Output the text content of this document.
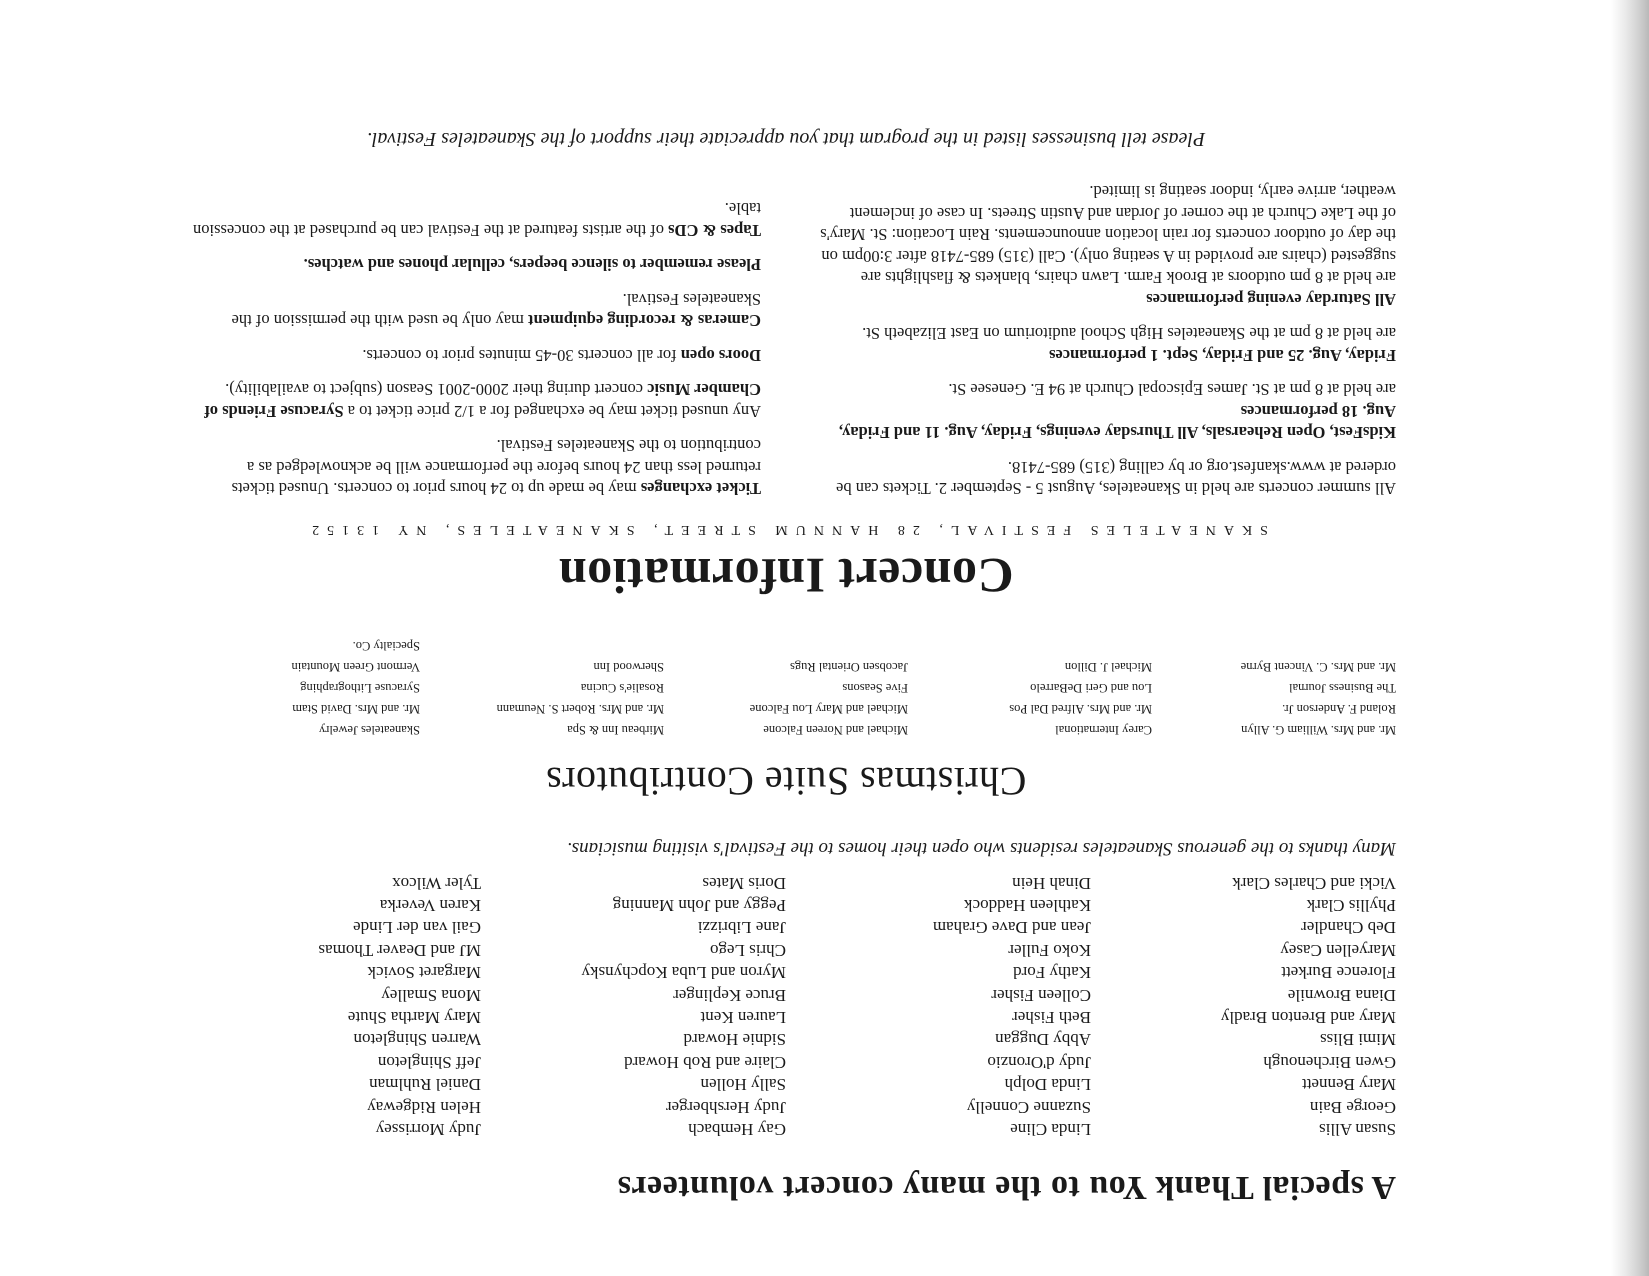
A special Thank You to the many concert volunteers
Susan Allis
George Bain
Mary Bennett
Gwen Birchenough
Mimi Bliss
Mary and Brenton Bradly
Diana Brownile
Florence Burkett
Maryellen Casey
Deb Chandler
Phyllis Clark
Vicki and Charles Clark
Linda Cline
Suzanne Connelly
Linda Dolph
Judy d'Oronzio
Abby Duggan
Beth Fisher
Colleen Fisher
Kathy Ford
Koko Fuller
Jean and Dave Graham
Kathleen Haddock
Dinah Hein
Gay Hembach
Judy Hershberger
Sally Hollen
Claire and Rob Howard
Sidnie Howard
Lauren Kent
Bruce Keplinger
Myron and Luba Kopchynsky
Chris Lego
Jane Librizzi
Peggy and John Manning
Doris Mates
Judy Morrissey
Helen Ridgeway
Daniel Ruhlman
Jeff Shingleton
Warren Shingleton
Mary Martha Shute
Mona Smalley
Margaret Sovick
MJ and Deaver Thomas
Gail van der Linde
Karen Veverka
Tyler Wilcox
Many thanks to the generous Skaneateles residents who open their homes to the Festival's visiting musicians.
Christmas Suite Contributors
Mr. and Mrs. William G. Allyn
Roland F. Anderson Jr.
The Business Journal
Mr. and Mrs. C. Vincent Byrne
Carey International
Mr. and Mrs. Alfred Dal Pos
Lou and Geri DeBarrelo
Michael J. Dillon
Michael and Noreen Falcone
Michael and Mary Lou Falcone
Five Seasons
Jacobsen Oriental Rugs
Mirbeau Inn & Spa
Mr. and Mrs. Robert S. Neumann
Rosalie's Cucina
Sherwood Inn
Skaneateles Jewelry
Mr. and Mrs. David Stam
Syracuse Lithographing
Vermont Green Mountain
Specialty Co.
Concert Information
SKANEATELES FESTIVAL, 28 HANNUM STREET, SKANEATELES, NY 13152

All summer concerts are held in Skaneateles, August 5 - September 2. Tickets can be ordered at www.skanfest.org or by calling (315) 685-7418.

KidsFest, Open Rehearsals, All Thursday evenings, Friday, Aug. 11 and Friday, Aug. 18 performances
are held at 8 pm at St. James Episcopal Church at 94 E. Genesee St.

Friday, Aug. 25 and Friday, Sept. 1 performances
are held at 8 pm at the Skaneateles High School auditorium on East Elizabeth St.

All Saturday evening performances
are held at 8 pm outdoors at Brook Farm. Lawn chairs, blankets & flashlights are suggested (chairs are provided in A seating only). Call (315) 685-7418 after 3:00pm on the day of outdoor concerts for rain location announcements. Rain Location: St. Mary's of the Lake Church at the corner of Jordan and Austin Streets. In case of inclement weather, arrive early, indoor seating is limited.

Ticket exchanges may be made up to 24 hours prior to concerts. Unused tickets returned less than 24 hours before the performance will be acknowledged as a contribution to the Skaneateles Festival.

Any unused ticket may be exchanged for a 1/2 price ticket to a Syracuse Friends of Chamber Music concert during their 2000-2001 Season (subject to availability).

Doors open for all concerts 30-45 minutes prior to concerts.

Cameras & recording equipment may only be used with the permission of the Skaneateles Festival.

Please remember to silence beepers, cellular phones and watches.

Tapes & CDs of the artists featured at the Festival can be purchased at the concession table.

Please tell businesses listed in the program that you appreciate their support of the Skaneateles Festival.
